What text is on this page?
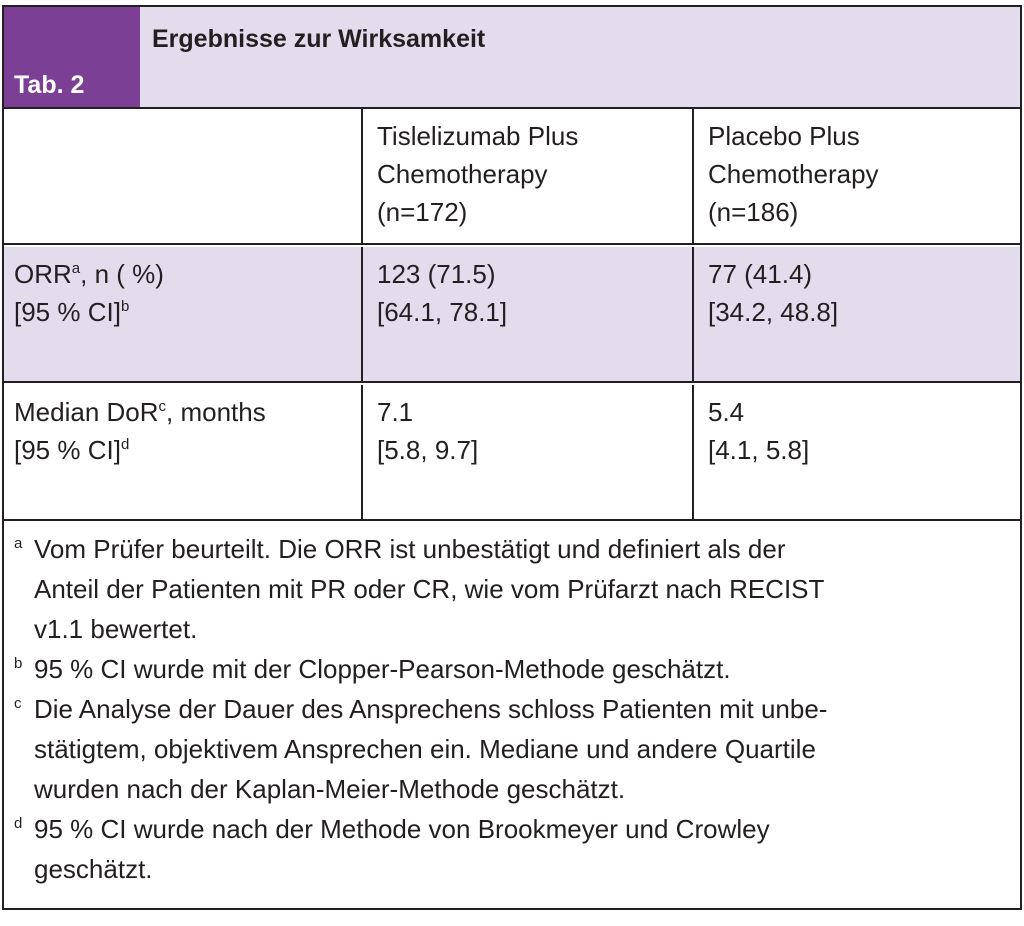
Tab. 2
Ergebnisse zur Wirksamkeit
Tislelizumab Plus
Chemotherapy
(n=172)
Placebo Plus
Chemotherapy
(n=186)
ORR$^a$, n ( %)
[95 % CI]$^b$
123 (71.5)
[64.1, 78.1]
77 (41.4)
[34.2, 48.8]
Median DoR$^c$, months
[95 % CI]$^d$
7.1
[5.8, 9.7]
5.4
[4.1, 5.8]
a Vom Prüfer beurteilt. Die ORR ist unbestätigt und definiert als der
Anteil der Patienten mit PR oder CR, wie vom Prüfarzt nach RECIST
v1.1 bewertet.
b 95 % CI wurde mit der Clopper-Pearson-Methode geschätzt.
c Die Analyse der Dauer des Ansprechens schloss Patienten mit unbe-
stätigtem, objektivem Ansprechen ein. Mediane und andere Quartile
wurden nach der Kaplan-Meier-Methode geschätzt.
d 95 % CI wurde nach der Methode von Brookmeyer und Crowley
geschätzt.
